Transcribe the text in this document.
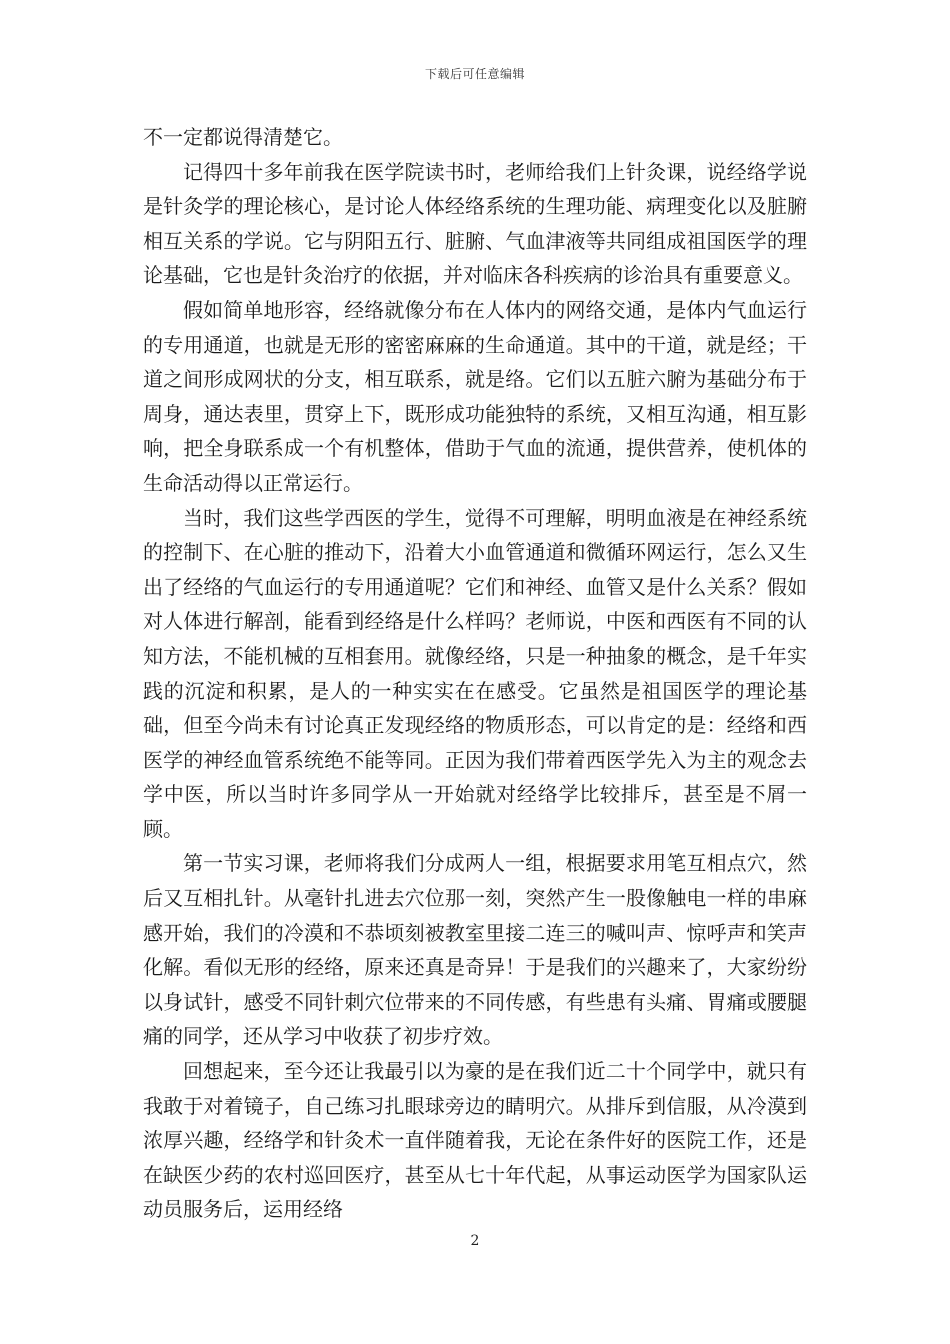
下载后可任意编辑

不一定都说得清楚它。

记得四十多年前我在医学院读书时，老师给我们上针灸课，说经络学说是针灸学的理论核心，是讨论人体经络系统的生理功能、病理变化以及脏腑相互关系的学说。它与阴阳五行、脏腑、气血津液等共同组成祖国医学的理论基础，它也是针灸治疗的依据，并对临床各科疾病的诊治具有重要意义。

假如简单地形容，经络就像分布在人体内的网络交通，是体内气血运行的专用通道，也就是无形的密密麻麻的生命通道。其中的干道，就是经；干道之间形成网状的分支，相互联系，就是络。它们以五脏六腑为基础分布于周身，通达表里，贯穿上下，既形成功能独特的系统，又相互沟通，相互影响，把全身联系成一个有机整体，借助于气血的流通，提供营养，使机体的生命活动得以正常运行。

当时，我们这些学西医的学生，觉得不可理解，明明血液是在神经系统的控制下、在心脏的推动下，沿着大小血管通道和微循环网运行，怎么又生出了经络的气血运行的专用通道呢？它们和神经、血管又是什么关系？假如对人体进行解剖，能看到经络是什么样吗？老师说，中医和西医有不同的认知方法，不能机械的互相套用。就像经络，只是一种抽象的概念，是千年实践的沉淀和积累，是人的一种实实在在感受。它虽然是祖国医学的理论基础，但至今尚未有讨论真正发现经络的物质形态，可以肯定的是：经络和西医学的神经血管系统绝不能等同。正因为我们带着西医学先入为主的观念去学中医，所以当时许多同学从一开始就对经络学比较排斥，甚至是不屑一顾。

第一节实习课，老师将我们分成两人一组，根据要求用笔互相点穴，然后又互相扎针。从毫针扎进去穴位那一刻，突然产生一股像触电一样的串麻感开始，我们的冷漠和不恭顷刻被教室里接二连三的喊叫声、惊呼声和笑声化解。看似无形的经络，原来还真是奇异！于是我们的兴趣来了，大家纷纷以身试针，感受不同针刺穴位带来的不同传感，有些患有头痛、胃痛或腰腿痛的同学，还从学习中收获了初步疗效。

回想起来，至今还让我最引以为豪的是在我们近二十个同学中，就只有我敢于对着镜子，自己练习扎眼球旁边的睛明穴。从排斥到信服，从冷漠到浓厚兴趣，经络学和针灸术一直伴随着我，无论在条件好的医院工作，还是在缺医少药的农村巡回医疗，甚至从七十年代起，从事运动医学为国家队运动员服务后，运用经络

2
